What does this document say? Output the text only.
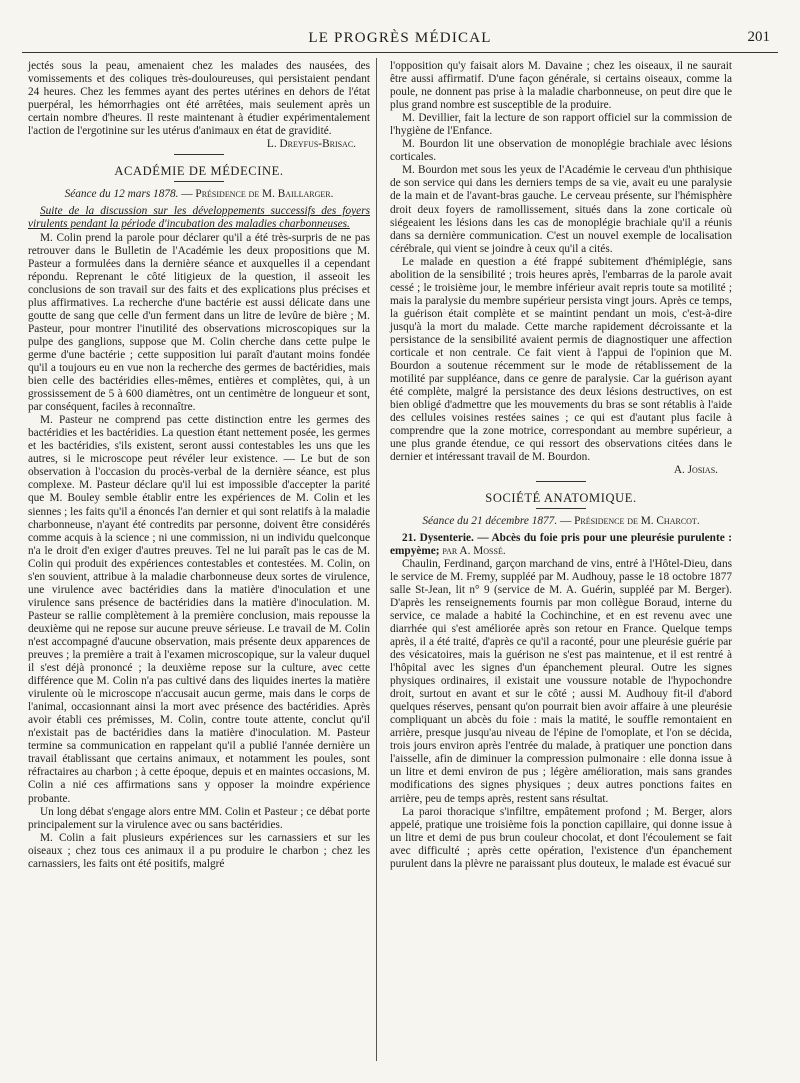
LE PROGRÈS MÉDICAL	201

jectés sous la peau, amenaient chez les malades des nausées, des vomissements et des coliques très-douloureuses, qui persistaient pendant 24 heures. Chez les femmes ayant des pertes utérines en dehors de l'état puerpéral, les hémorrhagies ont été arrêtées, mais seulement après un certain nombre d'heures. Il reste maintenant à étudier expérimentalement l'action de l'ergotinine sur les utérus d'animaux en état de gravidité.

L. Dreyfus-Brisac.

ACADÉMIE DE MÉDECINE.
Séance du 12 mars 1878. — Présidence de M. Baillarger.

Suite de la discussion sur les développements successifs des foyers virulents pendant la période d'incubation des maladies charbonneuses.

M. Colin prend la parole pour déclarer qu'il a été très-surpris de ne pas retrouver dans le Bulletin de l'Académie les deux propositions que M. Pasteur a formulées dans la dernière séance et auxquelles il a cependant répondu. Reprenant le côté litigieux de la question, il asseoit les conclusions de son travail sur des faits et des explications plus précises et plus affirmatives. La recherche d'une bactérie est aussi délicate dans une goutte de sang que celle d'un ferment dans un litre de levûre de bière ; M. Pasteur, pour montrer l'inutilité des observations microscopiques sur la pulpe des ganglions, suppose que M. Colin cherche dans cette pulpe le germe d'une bactérie ; cette supposition lui paraît d'autant moins fondée qu'il a toujours eu en vue non la recherche des germes de bactéridies, mais bien celle des bactéridies elles-mêmes, entières et complètes, qui, à un grossissement de 5 à 600 diamètres, ont un centimètre de longueur et sont, par conséquent, faciles à reconnaître.

M. Pasteur ne comprend pas cette distinction entre les germes des bactéridies et les bactéridies. La question étant nettement posée, les germes et les bactéridies, s'ils existent, seront aussi contestables les uns que les autres, si le microscope peut révéler leur existence. — Le but de son observation à l'occasion du procès-verbal de la dernière séance, est plus complexe. M. Pasteur déclare qu'il lui est impossible d'accepter la parité que M. Bouley semble établir entre les expériences de M. Colin et les siennes ; les faits qu'il a énoncés l'an dernier et qui sont relatifs à la maladie charbonneuse, n'ayant été contredits par personne, doivent être considérés comme acquis à la science ; ni une commission, ni un individu quelconque n'a le droit d'en exiger d'autres preuves. Tel ne lui paraît pas le cas de M. Colin qui produit des expériences contestables et contestées. M. Colin, on s'en souvient, attribue à la maladie charbonneuse deux sortes de virulence, une virulence avec bactéridies dans la matière d'inoculation et une virulence sans présence de bactéridies dans la matière d'inoculation. M. Pasteur se rallie complètement à la première conclusion, mais repousse la deuxième qui ne repose sur aucune preuve sérieuse. Le travail de M. Colin n'est accompagné d'aucune observation, mais présente deux apparences de preuves ; la première a trait à l'examen microscopique, sur la valeur duquel il s'est déjà prononcé ; la deuxième repose sur la culture, avec cette différence que M. Colin n'a pas cultivé dans des liquides inertes la matière virulente où le microscope n'accusait aucun germe, mais dans le corps de l'animal, occasionnant ainsi la mort avec présence des bactéridies. Après avoir établi ces prémisses, M. Colin, contre toute attente, conclut qu'il n'existait pas de bactéridies dans la matière d'inoculation. M. Pasteur termine sa communication en rappelant qu'il a publié l'année dernière un travail établissant que certains animaux, et notamment les poules, sont réfractaires au charbon ; à cette époque, depuis et en maintes occasions, M. Colin a nié ces affirmations sans y opposer la moindre expérience probante.

Un long débat s'engage alors entre MM. Colin et Pasteur ; ce débat porte principalement sur la virulence avec ou sans bactéridies.

M. Colin a fait plusieurs expériences sur les carnassiers et sur les oiseaux ; chez tous ces animaux il a pu produire le charbon ; chez les carnassiers, les faits ont été positifs, malgré

l'opposition qu'y faisait alors M. Davaine ; chez les oiseaux, il ne saurait être aussi affirmatif. D'une façon générale, si certains oiseaux, comme la poule, ne donnent pas prise à la maladie charbonneuse, on peut dire que le plus grand nombre est susceptible de la produire.

M. Devillier, fait la lecture de son rapport officiel sur la commission de l'hygiène de l'Enfance.

M. Bourdon lit une observation de monoplégie brachiale avec lésions corticales.

M. Bourdon met sous les yeux de l'Académie le cerveau d'un phthisique de son service qui dans les derniers temps de sa vie, avait eu une paralysie de la main et de l'avant-bras gauche. Le cerveau présente, sur l'hémisphère droit deux foyers de ramollissement, situés dans la zone corticale où siégeaient les lésions dans les cas de monoplégie brachiale qu'il a réunis dans sa dernière communication. C'est un nouvel exemple de localisation cérébrale, qui vient se joindre à ceux qu'il a cités.

Le malade en question a été frappé subitement d'hémiplégie, sans abolition de la sensibilité ; trois heures après, l'embarras de la parole avait cessé ; le troisième jour, le membre inférieur avait repris toute sa motilité ; mais la paralysie du membre supérieur persista vingt jours. Après ce temps, la guérison était complète et se maintint pendant un mois, c'est-à-dire jusqu'à la mort du malade. Cette marche rapidement décroissante et la persistance de la sensibilité avaient permis de diagnostiquer une affection corticale et non centrale. Ce fait vient à l'appui de l'opinion que M. Bourdon a soutenue récemment sur le mode de rétablissement de la motilité par suppléance, dans ce genre de paralysie. Car la guérison ayant été complète, malgré la persistance des deux lésions destructives, on est bien obligé d'admettre que les mouvements du bras se sont rétablis à l'aide des cellules voisines restées saines ; ce qui est d'autant plus facile à comprendre que la zone motrice, correspondant au membre supérieur, a une plus grande étendue, ce qui ressort des observations citées dans le dernier et intéressant travail de M. Bourdon.

A. Josias.

SOCIÉTÉ ANATOMIQUE.
Séance du 21 décembre 1877. — Présidence de M. Charcot.

21. Dysenterie. — Abcès du foie pris pour une pleurésie purulente : empyème; par A. Mossé.

Chaulin, Ferdinand, garçon marchand de vins, entré à l'Hôtel-Dieu, dans le service de M. Fremy, suppléé par M. Audhouy, passe le 18 octobre 1877 salle St-Jean, lit n° 9 (service de M. A. Guérin, suppléé par M. Berger). D'après les renseignements fournis par mon collègue Boraud, interne du service, ce malade a habité la Cochinchine, et en est revenu avec une diarrhée qui s'est améliorée après son retour en France. Quelque temps après, il a été traité, d'après ce qu'il a raconté, pour une pleurésie guérie par des vésicatoires, mais la guérison ne s'est pas maintenue, et il est rentré à l'hôpital avec les signes d'un épanchement pleural. Outre les signes physiques ordinaires, il existait une voussure notable de l'hypochondre droit, surtout en avant et sur le côté ; aussi M. Audhouy fit-il d'abord quelques réserves, pensant qu'on pourrait bien avoir affaire à une pleurésie compliquant un abcès du foie : mais la matité, le souffle remontaient en arrière, presque jusqu'au niveau de l'épine de l'omoplate, et l'on se décida, trois jours environ après l'entrée du malade, à pratiquer une ponction dans l'aisselle, afin de diminuer la compression pulmonaire : elle donna issue à un litre et demi environ de pus ; légère amélioration, mais sans grandes modifications des signes physiques ; deux autres ponctions faites en arrière, peu de temps après, restent sans résultat.

La paroi thoracique s'infiltre, empâtement profond ; M. Berger, alors appelé, pratique une troisième fois la ponction capillaire, qui donne issue à un litre et demi de pus brun couleur chocolat, et dont l'écoulement se fait avec difficulté ; après cette opération, l'existence d'un épanchement purulent dans la plèvre ne paraissant plus douteux, le malade est évacué sur
